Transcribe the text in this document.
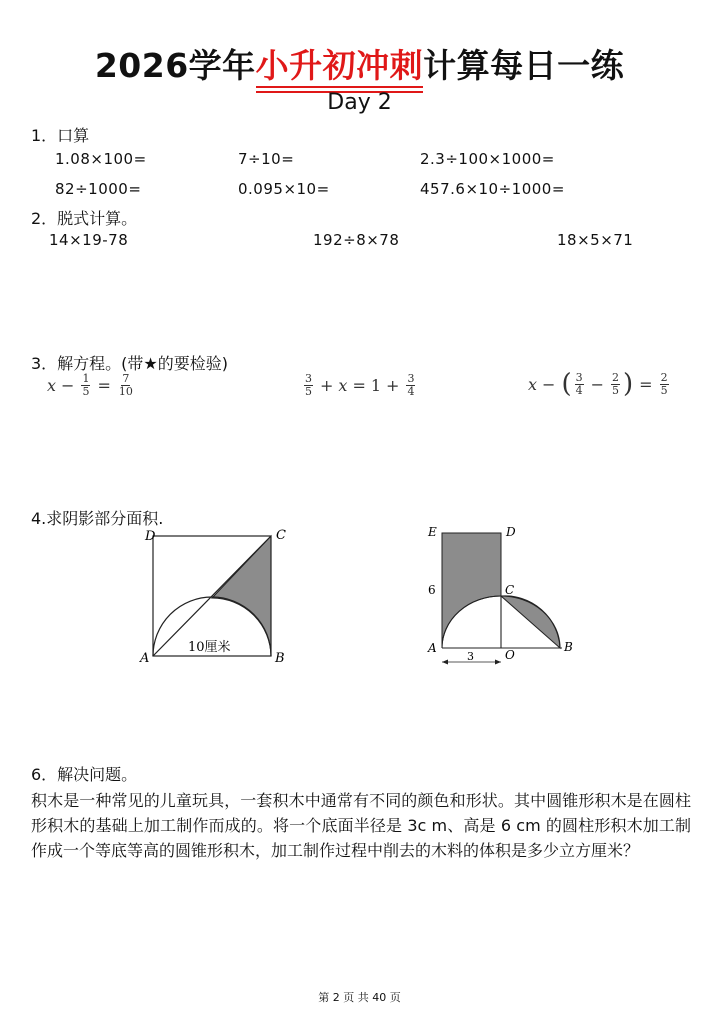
2026学年小升初冲刺计算每日一练
Day 2
1．口算
1.08×100=	7÷10=	2.3÷100×1000=
82÷1000=	0.095×10=	457.6×10÷1000=
2．脱式计算。
14×19-78	192÷8×78	18×5×71
3．解方程。(带★的要检验)
$x - \frac{1}{5} = \frac{7}{10}$	$\frac{3}{5} + x = 1 + \frac{3}{4}$	x − ( $\frac{3}{4} - \frac{2}{5}$ ) = $\frac{2}{5}$
4.求阴影部分面积.
D	C
A	B
10厘米
E	D
C
A	O
B
6
3
6．解决问题。
积木是一种常见的儿童玩具，一套积木中通常有不同的颜色和形状。其中圆锥形积木是在圆柱形积木的基础上加工制作而成的。将一个底面半径是 3c m、高是 6 cm 的圆柱形积木加工制作成一个等底等高的圆锥形积木，加工制作过程中削去的木料的体积是多少立方厘米？
第 2 页 共 40 页
